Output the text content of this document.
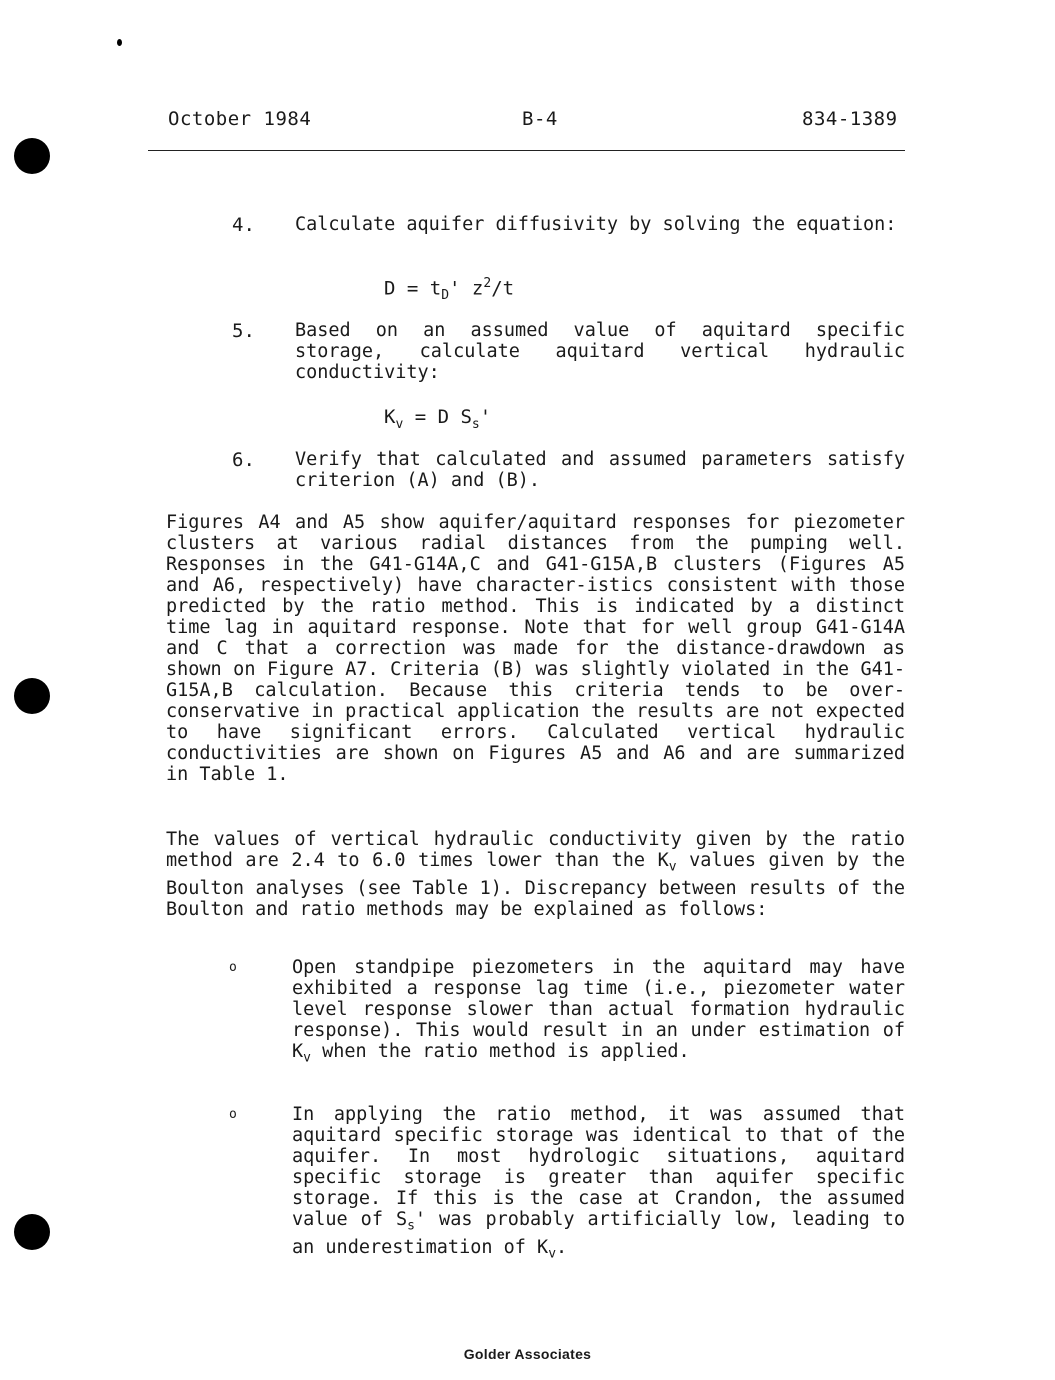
October 1984	B-4	834-1389
4. Calculate aquifer diffusivity by solving the equation:
$D = t_D'$ $z^2/t$
5. Based on an assumed value of aquitard specific storage, calculate aquitard vertical hydraulic conductivity:
$K_v = D$ $S_s'$
6. Verify that calculated and assumed parameters satisfy criterion (A) and (B).
Figures A4 and A5 show aquifer/aquitard responses for piezometer clusters at various radial distances from the pumping well. Responses in the G41-G14A,C and G41-G15A,B clusters (Figures A5 and A6, respectively) have character-istics consistent with those predicted by the ratio method. This is indicated by a distinct time lag in aquitard response. Note that for well group G41-G14A and C that a correction was made for the distance-drawdown as shown on Figure A7. Criteria (B) was slightly violated in the G41-G15A,B calculation. Because this criteria tends to be over-conservative in practical application the results are not expected to have significant errors. Calculated vertical hydraulic conductivities are shown on Figures A5 and A6 and are summarized in Table 1.
The values of vertical hydraulic conductivity given by the ratio method are 2.4 to 6.0 times lower than the $K_v$ values given by the Boulton analyses (see Table 1). Discrepancy between results of the Boulton and ratio methods may be explained as follows:
o	Open standpipe piezometers in the aquitard may have exhibited a response lag time (i.e., piezometer water level response slower than actual formation hydraulic response). This would result in an under estimation of $K_v$ when the ratio method is applied.
o	In applying the ratio method, it was assumed that aquitard specific storage was identical to that of the aquifer. In most hydrologic situations, aquitard specific storage is greater than aquifer specific storage. If this is the case at Crandon, the assumed value of $S_s'$ was probably artificially low, leading to an underestimation of $K_v$.
Golder Associates
